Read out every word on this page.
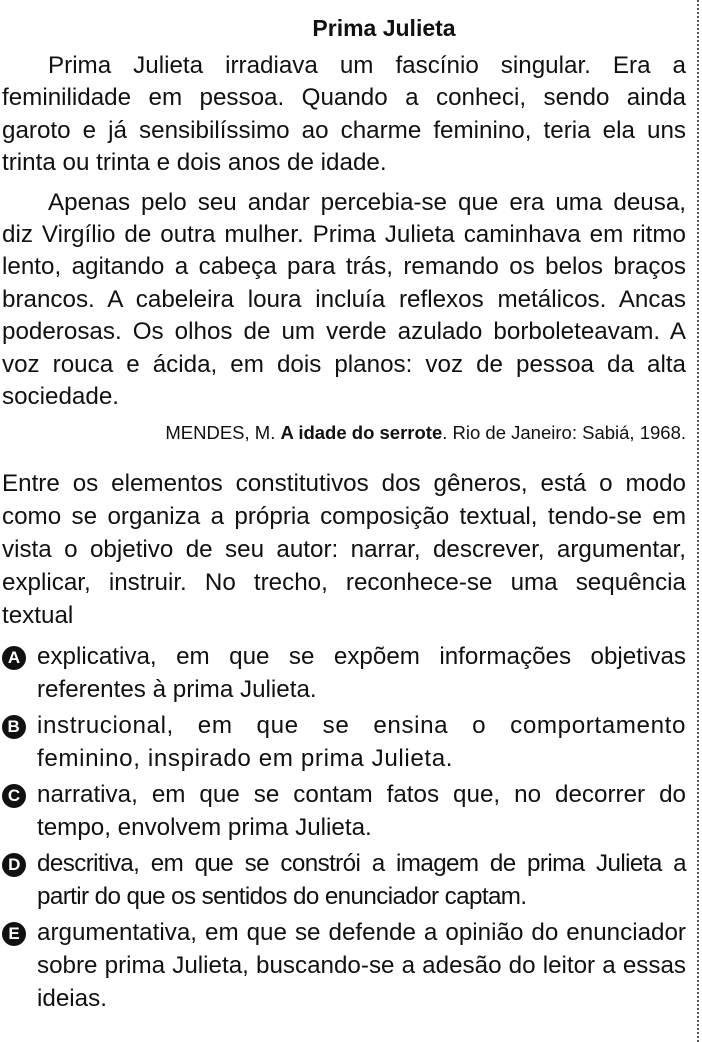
Prima Julieta

Prima Julieta irradiava um fascínio singular. Era a feminilidade em pessoa. Quando a conheci, sendo ainda garoto e já sensibilíssimo ao charme feminino, teria ela uns trinta ou trinta e dois anos de idade.

Apenas pelo seu andar percebia-se que era uma deusa, diz Virgílio de outra mulher. Prima Julieta caminhava em ritmo lento, agitando a cabeça para trás, remando os belos braços brancos. A cabeleira loura incluía reflexos metálicos. Ancas poderosas. Os olhos de um verde azulado borboleteavam. A voz rouca e ácida, em dois planos: voz de pessoa da alta sociedade.

MENDES, M. A idade do serrote. Rio de Janeiro: Sabiá, 1968.
Entre os elementos constitutivos dos gêneros, está o modo como se organiza a própria composição textual, tendo-se em vista o objetivo de seu autor: narrar, descrever, argumentar, explicar, instruir. No trecho, reconhece-se uma sequência textual
A explicativa, em que se expõem informações objetivas referentes à prima Julieta.
B instrucional, em que se ensina o comportamento feminino, inspirado em prima Julieta.
C narrativa, em que se contam fatos que, no decorrer do tempo, envolvem prima Julieta.
D descritiva, em que se constrói a imagem de prima Julieta a partir do que os sentidos do enunciador captam.
E argumentativa, em que se defende a opinião do enunciador sobre prima Julieta, buscando-se a adesão do leitor a essas ideias.
